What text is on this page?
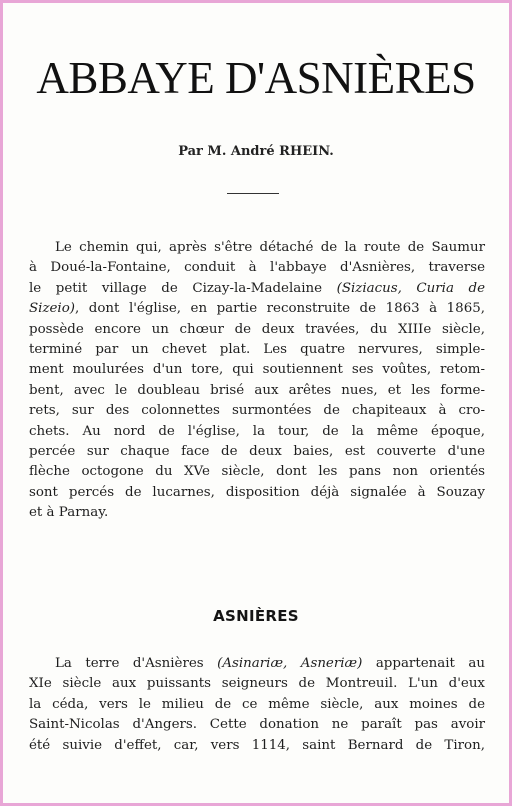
ABBAYE D'ASNIÈRES
Par M. André RHEIN.
Le chemin qui, après s'être détaché de la route de Saumur
à Doué-la-Fontaine, conduit à l'abbaye d'Asnières, traverse
le petit village de Cizay-la-Madelaine (Siziacus, Curia de
Sizeio), dont l'église, en partie reconstruite de 1863 à 1865,
possède encore un chœur de deux travées, du XIIIe siècle,
terminé par un chevet plat. Les quatre nervures, simple-
ment moulurées d'un tore, qui soutiennent ses voûtes, retom-
bent, avec le doubleau brisé aux arêtes nues, et les forme-
rets, sur des colonnettes surmontées de chapiteaux à cro-
chets. Au nord de l'église, la tour, de la même époque,
percée sur chaque face de deux baies, est couverte d'une
flèche octogone du XVe siècle, dont les pans non orientés
sont percés de lucarnes, disposition déjà signalée à Souzay
et à Parnay.
ASNIÈRES
La terre d'Asnières (Asinariæ, Asneriæ) appartenait au
XIe siècle aux puissants seigneurs de Montreuil. L'un d'eux
la céda, vers le milieu de ce même siècle, aux moines de
Saint-Nicolas d'Angers. Cette donation ne paraît pas avoir
été suivie d'effet, car, vers 1114, saint Bernard de Tiron,
